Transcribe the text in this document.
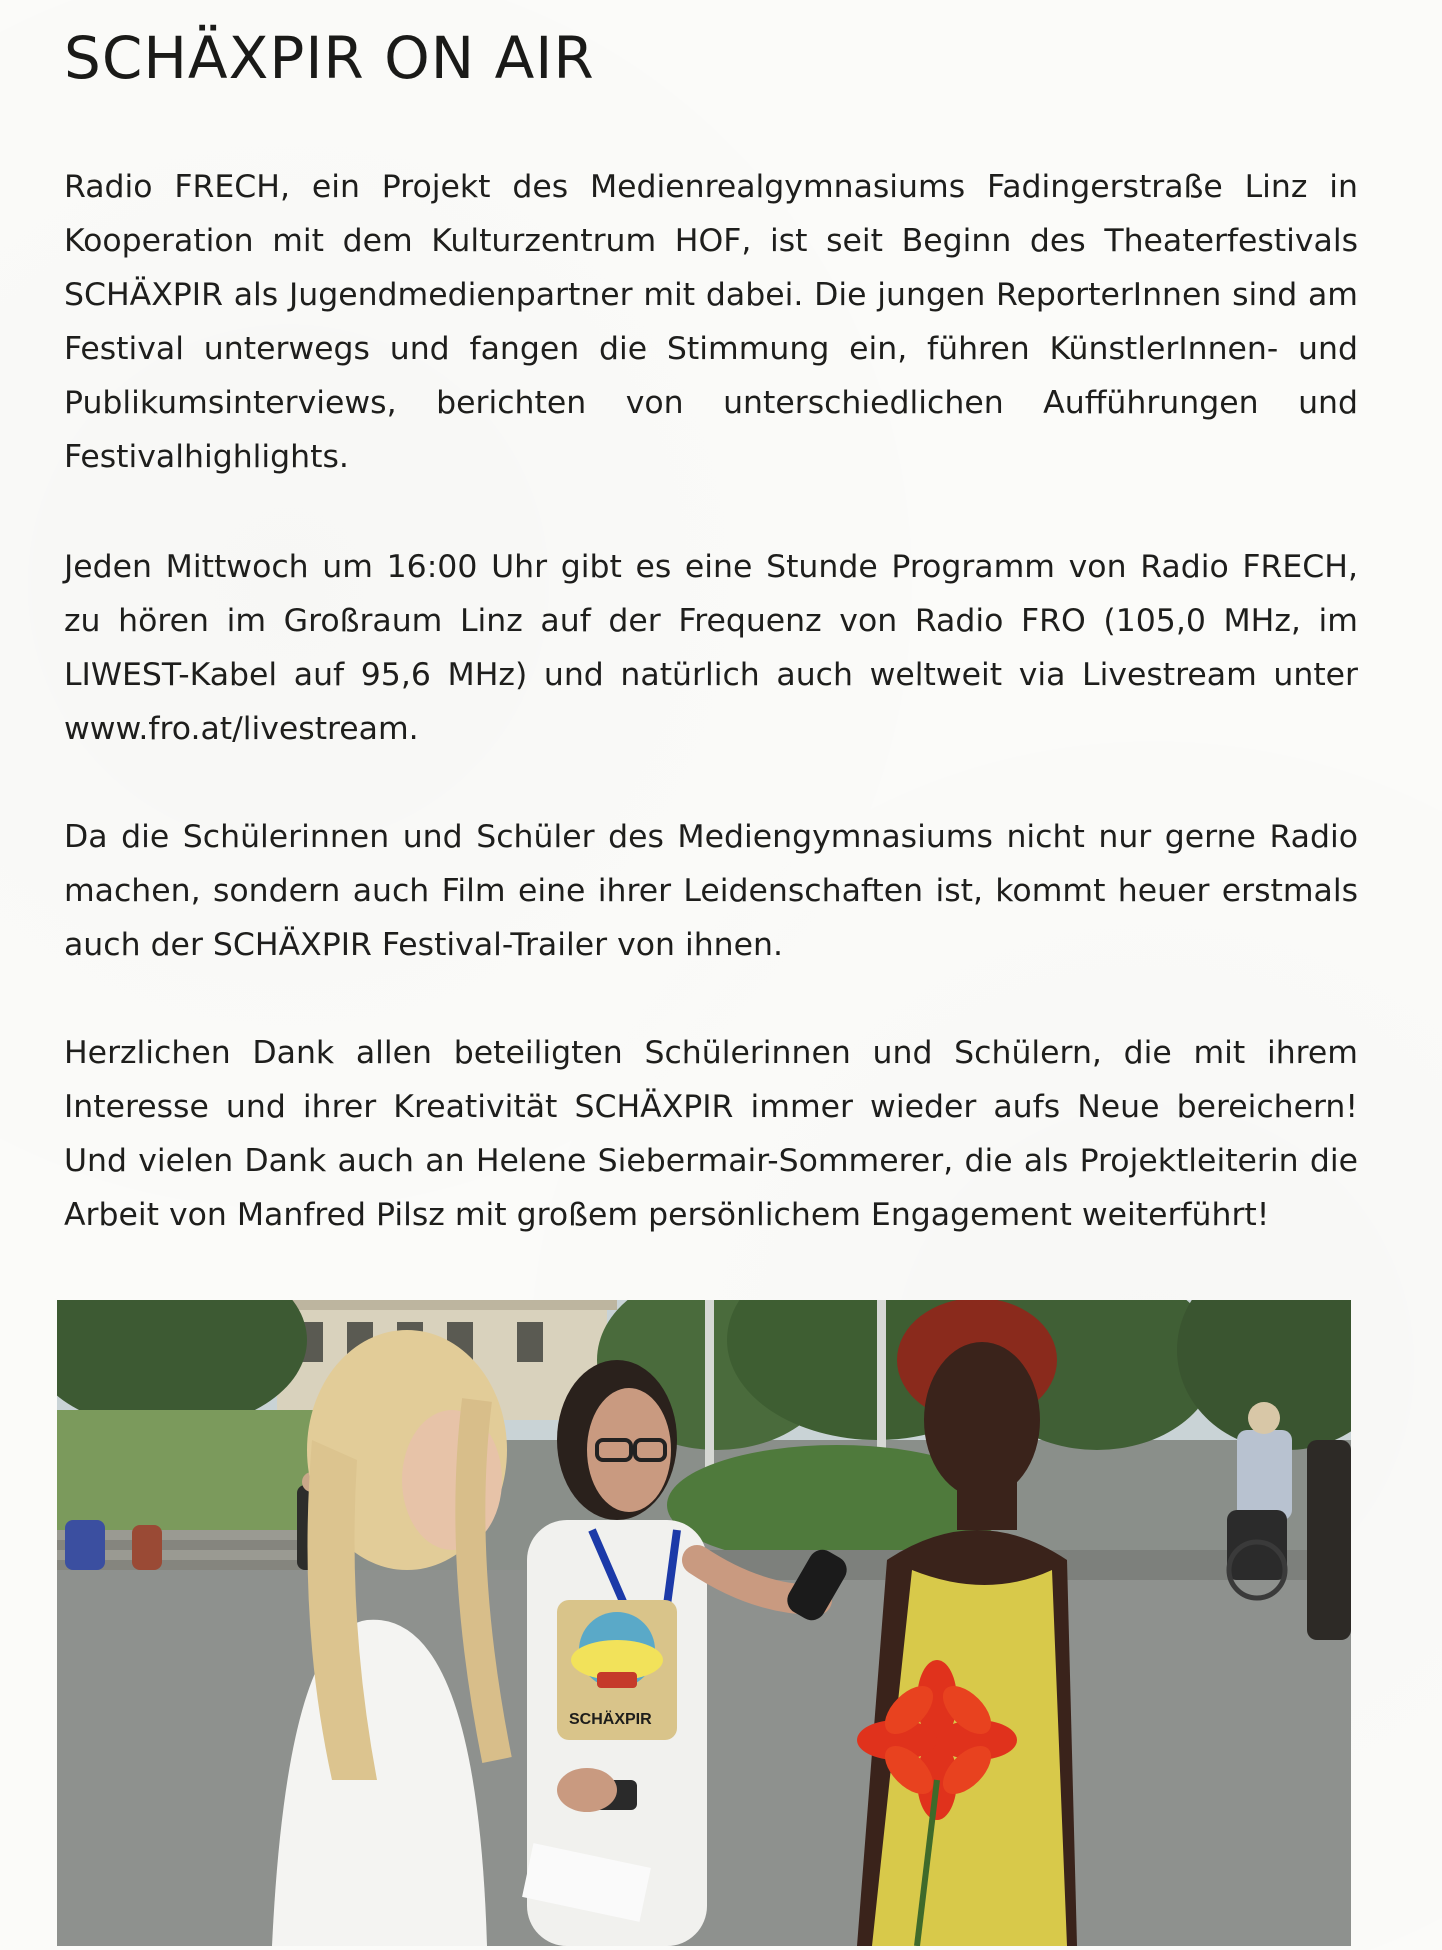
SCHÄXPIR ON AIR

Radio FRECH, ein Projekt des Medienrealgymnasiums Fadingerstraße Linz in Kooperation mit dem Kulturzentrum HOF, ist seit Beginn des Theaterfestivals SCHÄXPIR als Jugendmedienpartner mit dabei. Die jungen ReporterInnen sind am Festival unterwegs und fangen die Stimmung ein, führen KünstlerInnen- und Publikumsinterviews, berichten von unterschiedlichen Aufführungen und Festivalhighlights.

Jeden Mittwoch um 16:00 Uhr gibt es eine Stunde Programm von Radio FRECH, zu hören im Großraum Linz auf der Frequenz von Radio FRO (105,0 MHz, im LIWEST-Kabel auf 95,6 MHz) und natürlich auch weltweit via Livestream unter www.fro.at/livestream.

Da die Schülerinnen und Schüler des Mediengymnasiums nicht nur gerne Radio machen, sondern auch Film eine ihrer Leidenschaften ist, kommt heuer erstmals auch der SCHÄXPIR Festival-Trailer von ihnen.

Herzlichen Dank allen beteiligten Schülerinnen und Schülern, die mit ihrem Interesse und ihrer Kreativität SCHÄXPIR immer wieder aufs Neue bereichern! Und vielen Dank auch an Helene Siebermair-Sommerer, die als Projektleiterin die Arbeit von Manfred Pilsz mit großem persönlichem Engagement weiterführt!

SCHÄXPIR
